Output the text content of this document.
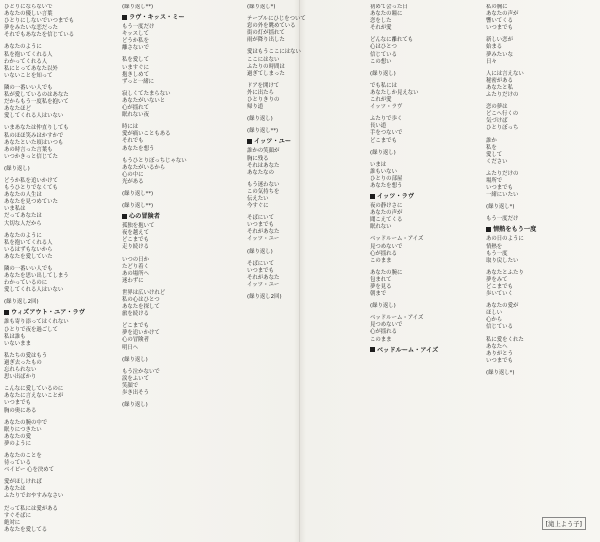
ひとりにならないで
あなたの優しい言葉
ひとりにしないでいつまでも
夢をみたいな恋だった
それでもあなたを信じている
あなたのように
私を抱いてくれる人
わかってくれる人
私にとってあなた以外
いないことを知って
隣の一番いい人でも
私が愛しているのはあなた
だからもう一度私を抱いて
あなたほど
愛してくれる人はいない
いまあなたは仲直りしても
私のほほ笑みはかすかで
あなたといた頃はいつも
あの時言った言葉も
いつかきっと信じてた
(繰り返し)
どうか私を追いかけて
もうひとりでなくても
あなたの人生は
あなたを見つめていた
いま私は
だってあなたは
大切な人だから
あなたのように
私を抱いてくれる人
いるはずもないから
あなたを愛していた
隣の一番いい人でも
あなたを思い出してしまう
わかっているのに
愛してくれる人はいない
(繰り返し2回)
ウィズアウト・ユア・ラヴ
誰も寄り添ってはくれない
ひとりで夜を過ごして
私は誰も
いないまま
私たちの愛はもう
過ぎ去ったもの
忘れられない
思い出ばかり
こんなに愛しているのに
あなたに言えないことが
いつまでも
胸の奥にある
あなたの腕の中で
眠りにつきたい
あなたの愛
夢のように
あなたのことを
待っている
ベイビー 心を決めて
愛がほしければ
あなたは
ふたりでおやすみなさい
だって私には愛がある
すぐそばに
絶対に
あなたを愛してる
(繰り返し**)
ラヴ・キッス・ミー
もう一度だけ
キッスして
どうか私を
離さないで
私を愛して
いますぐに
抱きしめて
ずっと一緒に
寂しくてたまらない
あなたがいないと
心が揺れて
眠れない夜
時には
愛が痛いこともある
それでも
あなたを想う
もうひとりぼっちじゃない
あなたがいるから
心の中に
光がある
(繰り返し**)
(繰り返し**)
心の冒険者
孤独を抱いて
夜を越えて
どこまでも
走り続ける
いつの日か
たどり着く
あの場所へ
迷わずに
世界は広いけれど
私の心はひとつ
あなたを探して
旅を続ける
どこまでも
夢を追いかけて
心の冒険者
明日へ
(繰り返し)
もう泣かないで
涙をふいて
笑顔で
歩き出そう
(繰り返し)
(繰り返し*)
テーブルにひじをついて
窓の外を眺めている
街の灯が揺れて
雨が降り出した
愛はもうここにはない
ここにはない
ふたりの時間は
過ぎてしまった
ドアを開けて
外に出たら
ひとりきりの
帰り道
(繰り返し)
(繰り返し**)
イッツ・ユー
誰かの笑顔が
胸に残る
それはあなた
あなたなの
もう迷わない
この気持ちを
伝えたい
今すぐに
そばにいて
いつまでも
それがあなた
イッツ・ユー
(繰り返し)
そばにいて
いつまでも
それがあなた
イッツ・ユー
(繰り返し2回)
初めて会った日
あなたの瞳に
恋をした
それが愛
どんなに離れても
心はひとつ
信じている
この想い
(繰り返し)
でも私には
あなたしか見えない
これが愛
イッツ・ラヴ
ふたりで歩く
長い道
手をつないで
どこまでも
(繰り返し)
いまは
誰もいない
ひとりの部屋
あなたを想う
イッツ・ラヴ
夜の静けさに
あなたの声が
聞こえてくる
眠れない
ベッドルーム・アイズ
見つめないで
心が揺れる
このまま
あなたの腕に
包まれて
夢を見る
朝まで
(繰り返し)
ベッドルーム・アイズ
見つめないで
心が揺れる
このまま
ベッドルーム・アイズ
私の胸に
あなたの声が
響いてくる
いつまでも
新しい恋が
始まる
夢みたいな
日々
人には言えない
秘密がある
あなたと私
ふたりだけの
恋の夢は
どこへ行くの
気づけば
ひとりぼっち
誰か
私を
愛して
ください
ふたりだけの
場所で
いつまでも
一緒にいたい
(繰り返し*)
もう一度だけ
情熱をもう一度
あの日のように
情熱を
もう一度
取り戻したい
あなたとふたり
夢をみて
どこまでも
歩いていく
あなたの愛が
ほしい
心から
信じている
私に愛をくれた
あなたへ
ありがとう
いつまでも
(繰り返し*)
[滝上よう子]
